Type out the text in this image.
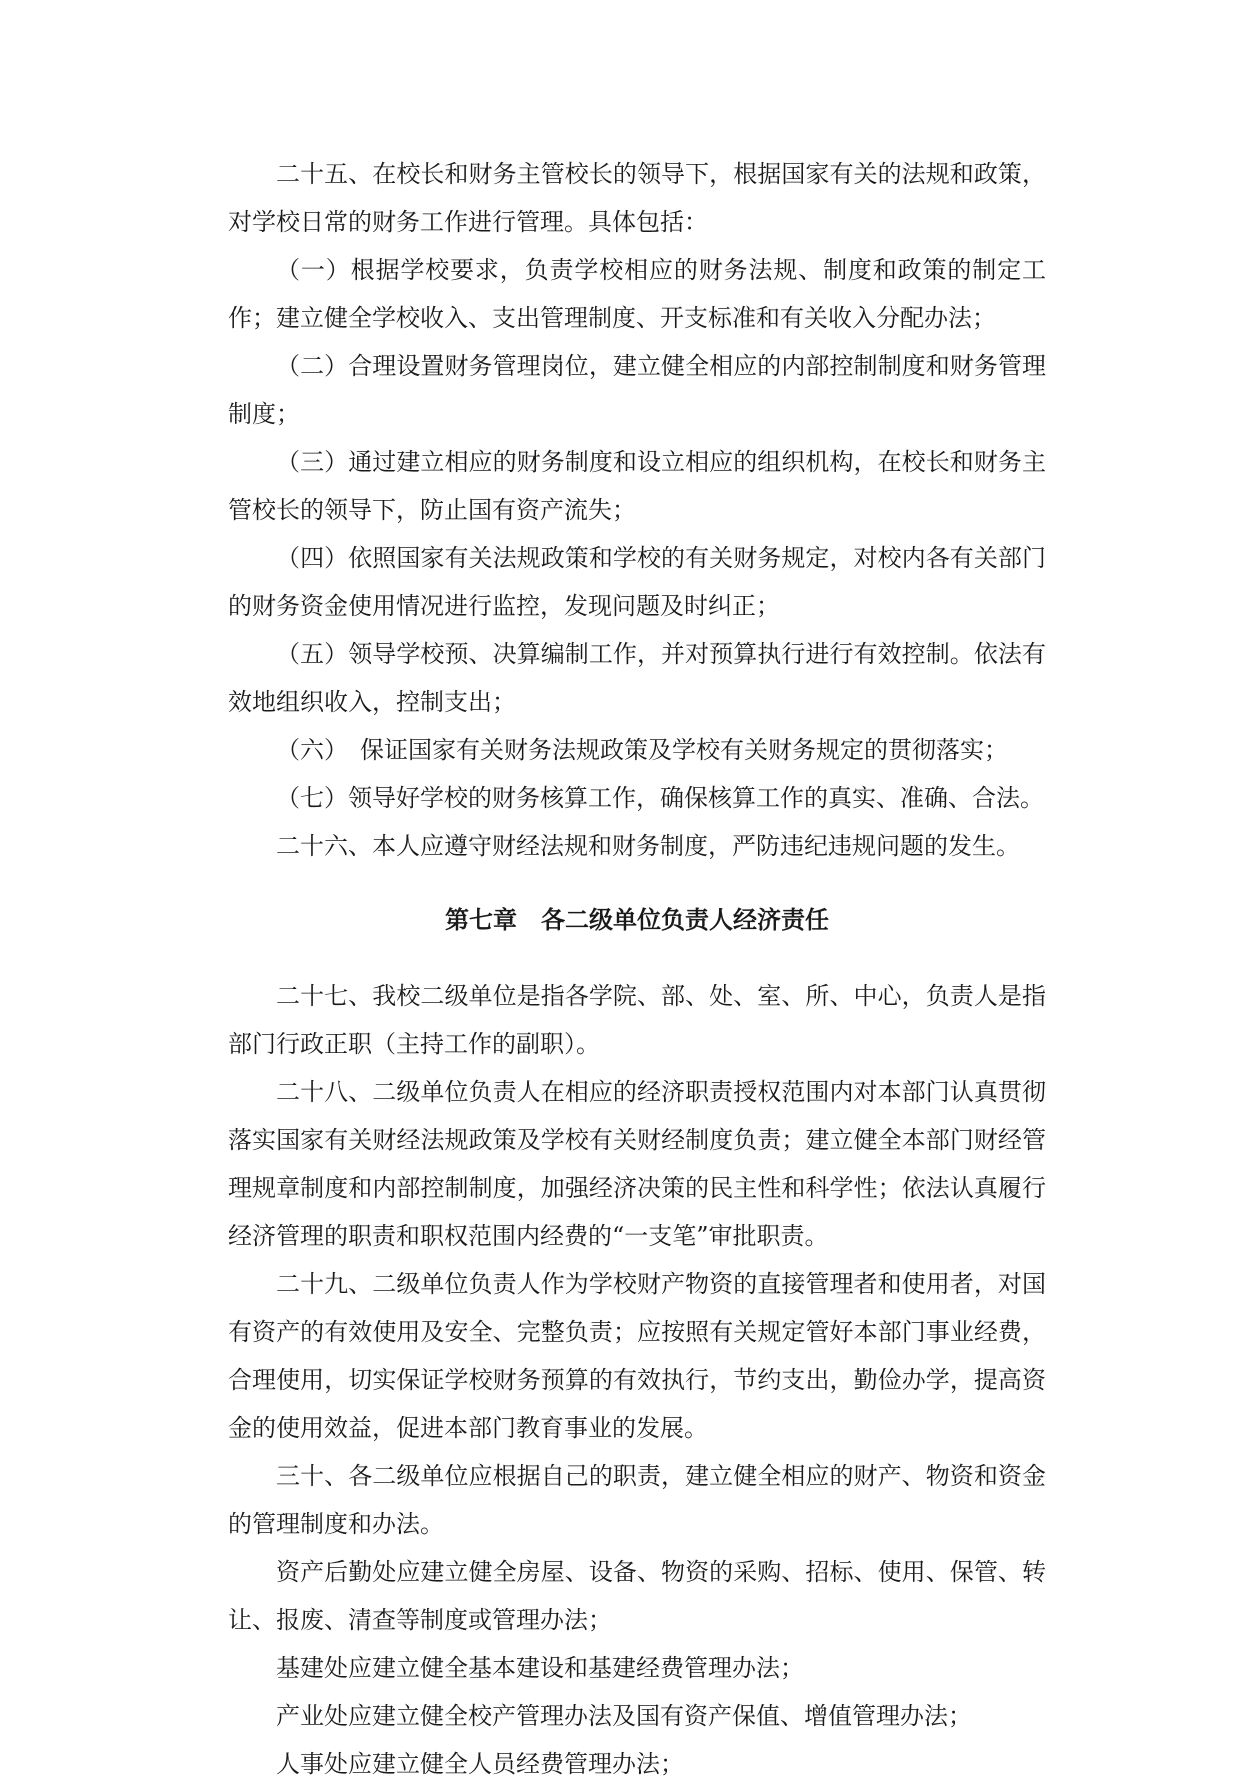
二十五、在校长和财务主管校长的领导下，根据国家有关的法规和政策，对学校日常的财务工作进行管理。具体包括：

（一）根据学校要求，负责学校相应的财务法规、制度和政策的制定工作；建立健全学校收入、支出管理制度、开支标准和有关收入分配办法；

（二）合理设置财务管理岗位，建立健全相应的内部控制制度和财务管理制度；

（三）通过建立相应的财务制度和设立相应的组织机构，在校长和财务主管校长的领导下，防止国有资产流失；

（四）依照国家有关法规政策和学校的有关财务规定，对校内各有关部门的财务资金使用情况进行监控，发现问题及时纠正；

（五）领导学校预、决算编制工作，并对预算执行进行有效控制。依法有效地组织收入，控制支出；

（六）　保证国家有关财务法规政策及学校有关财务规定的贯彻落实；

（七）领导好学校的财务核算工作，确保核算工作的真实、准确、合法。

二十六、本人应遵守财经法规和财务制度，严防违纪违规问题的发生。

第七章　各二级单位负责人经济责任

二十七、我校二级单位是指各学院、部、处、室、所、中心，负责人是指部门行政正职（主持工作的副职）。

二十八、二级单位负责人在相应的经济职责授权范围内对本部门认真贯彻落实国家有关财经法规政策及学校有关财经制度负责；建立健全本部门财经管理规章制度和内部控制制度，加强经济决策的民主性和科学性；依法认真履行经济管理的职责和职权范围内经费的“一支笔”审批职责。

二十九、二级单位负责人作为学校财产物资的直接管理者和使用者，对国有资产的有效使用及安全、完整负责；应按照有关规定管好本部门事业经费，合理使用，切实保证学校财务预算的有效执行，节约支出，勤俭办学，提高资金的使用效益，促进本部门教育事业的发展。

三十、各二级单位应根据自己的职责，建立健全相应的财产、物资和资金的管理制度和办法。

资产后勤处应建立健全房屋、设备、物资的采购、招标、使用、保管、转让、报废、清查等制度或管理办法；

基建处应建立健全基本建设和基建经费管理办法；

产业处应建立健全校产管理办法及国有资产保值、增值管理办法；

人事处应建立健全人员经费管理办法；
